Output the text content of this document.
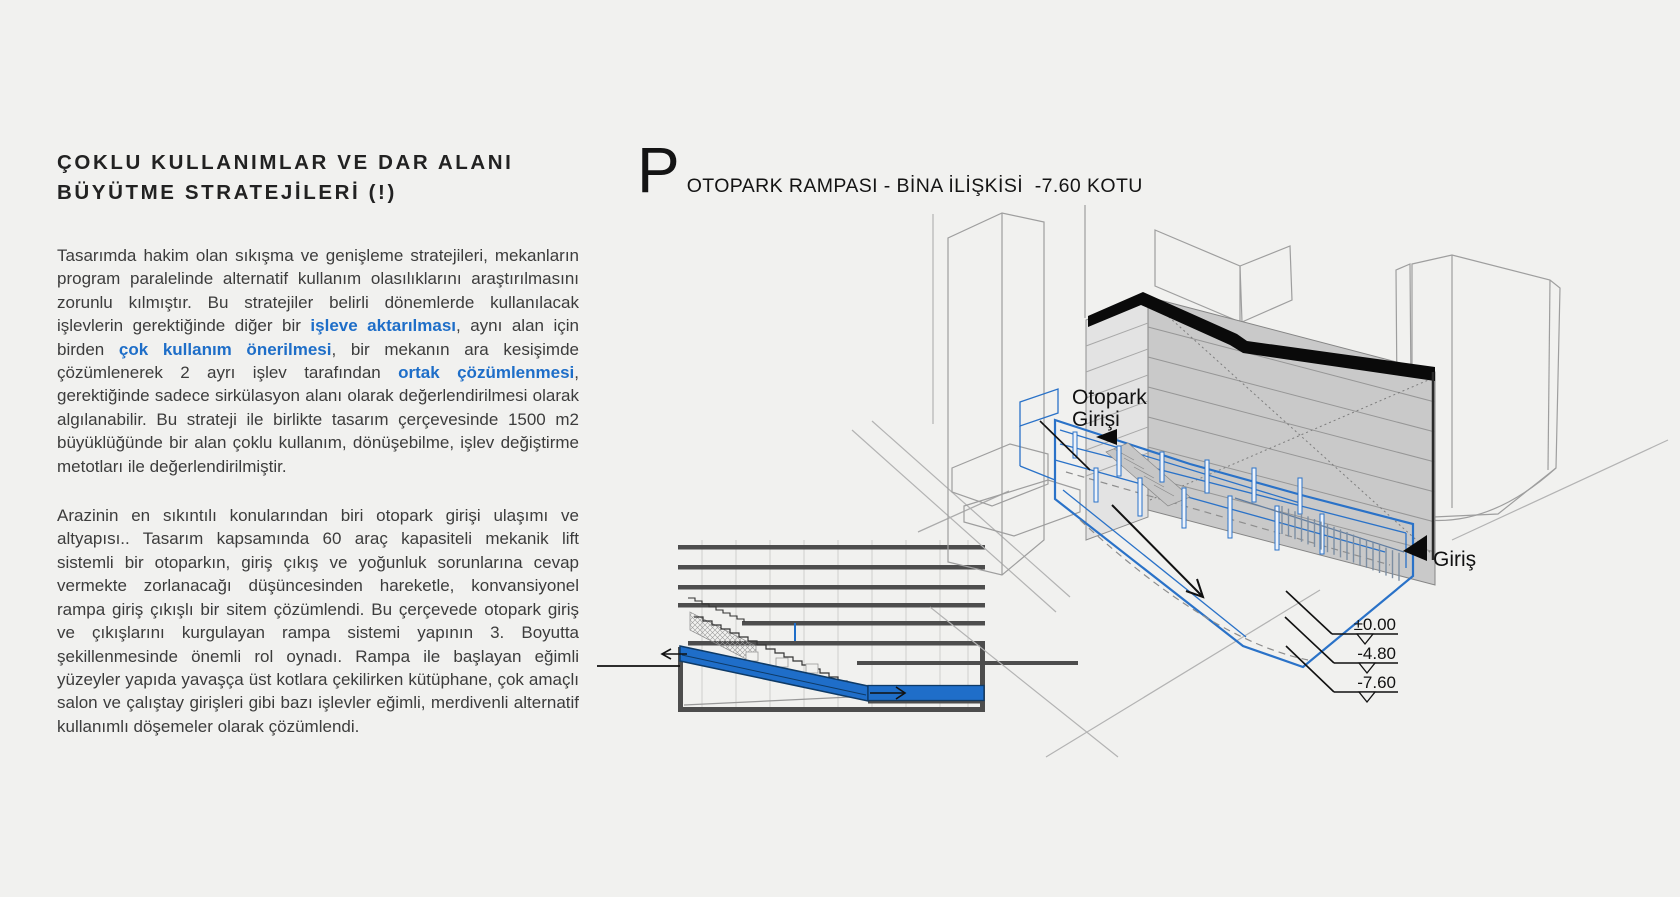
ÇOKLU KULLANIMLAR VE DAR ALANI
BÜYÜTME STRATEJİLERİ (!)

Tasarımda hakim olan sıkışma ve genişleme stratejileri, mekanların program paralelinde alternatif kullanım olasılıklarını araştırılmasını zorunlu kılmıştır. Bu stratejiler belirli dönemlerde kullanılacak işlevlerin gerektiğinde diğer bir işleve aktarılması, aynı alan için birden çok kullanım önerilmesi, bir mekanın ara kesişimde çözümlenerek 2 ayrı işlev tarafından ortak çözümlenmesi, gerektiğinde sadece sirkülasyon alanı olarak değerlendirilmesi olarak algılanabilir. Bu strateji ile birlikte tasarım çerçevesinde 1500 m2 büyüklüğünde bir alan çoklu kullanım, dönüşebilme, işlev değiştirme metotları ile değerlendirilmiştir.

Arazinin en sıkıntılı konularından biri otopark girişi ulaşımı ve altyapısı.. Tasarım kapsamında 60 araç kapasiteli mekanik lift sistemli bir otoparkın, giriş çıkış ve yoğunluk sorunlarına cevap vermekte zorlanacağı düşüncesinden hareketle, konvansiyonel rampa giriş çıkışlı bir sitem çözümlendi. Bu çerçevede otopark giriş ve çıkışlarını kurgulayan rampa sistemi yapının 3. Boyutta şekillenmesinde önemli rol oynadı. Rampa ile başlayan eğimli yüzeyler yapıda yavaşça üst kotlara çekilirken kütüphane, çok amaçlı salon ve çalıştay girişleri gibi bazı işlevler eğimli, merdivenli alternatif kullanımlı döşemeler olarak çözümlendi.

P OTOPARK RAMPASI - BİNA İLİŞKİSİ  -7.60 KOTU
Otopark
Girişi
Giriş
±0.00
-4.80
-7.60
